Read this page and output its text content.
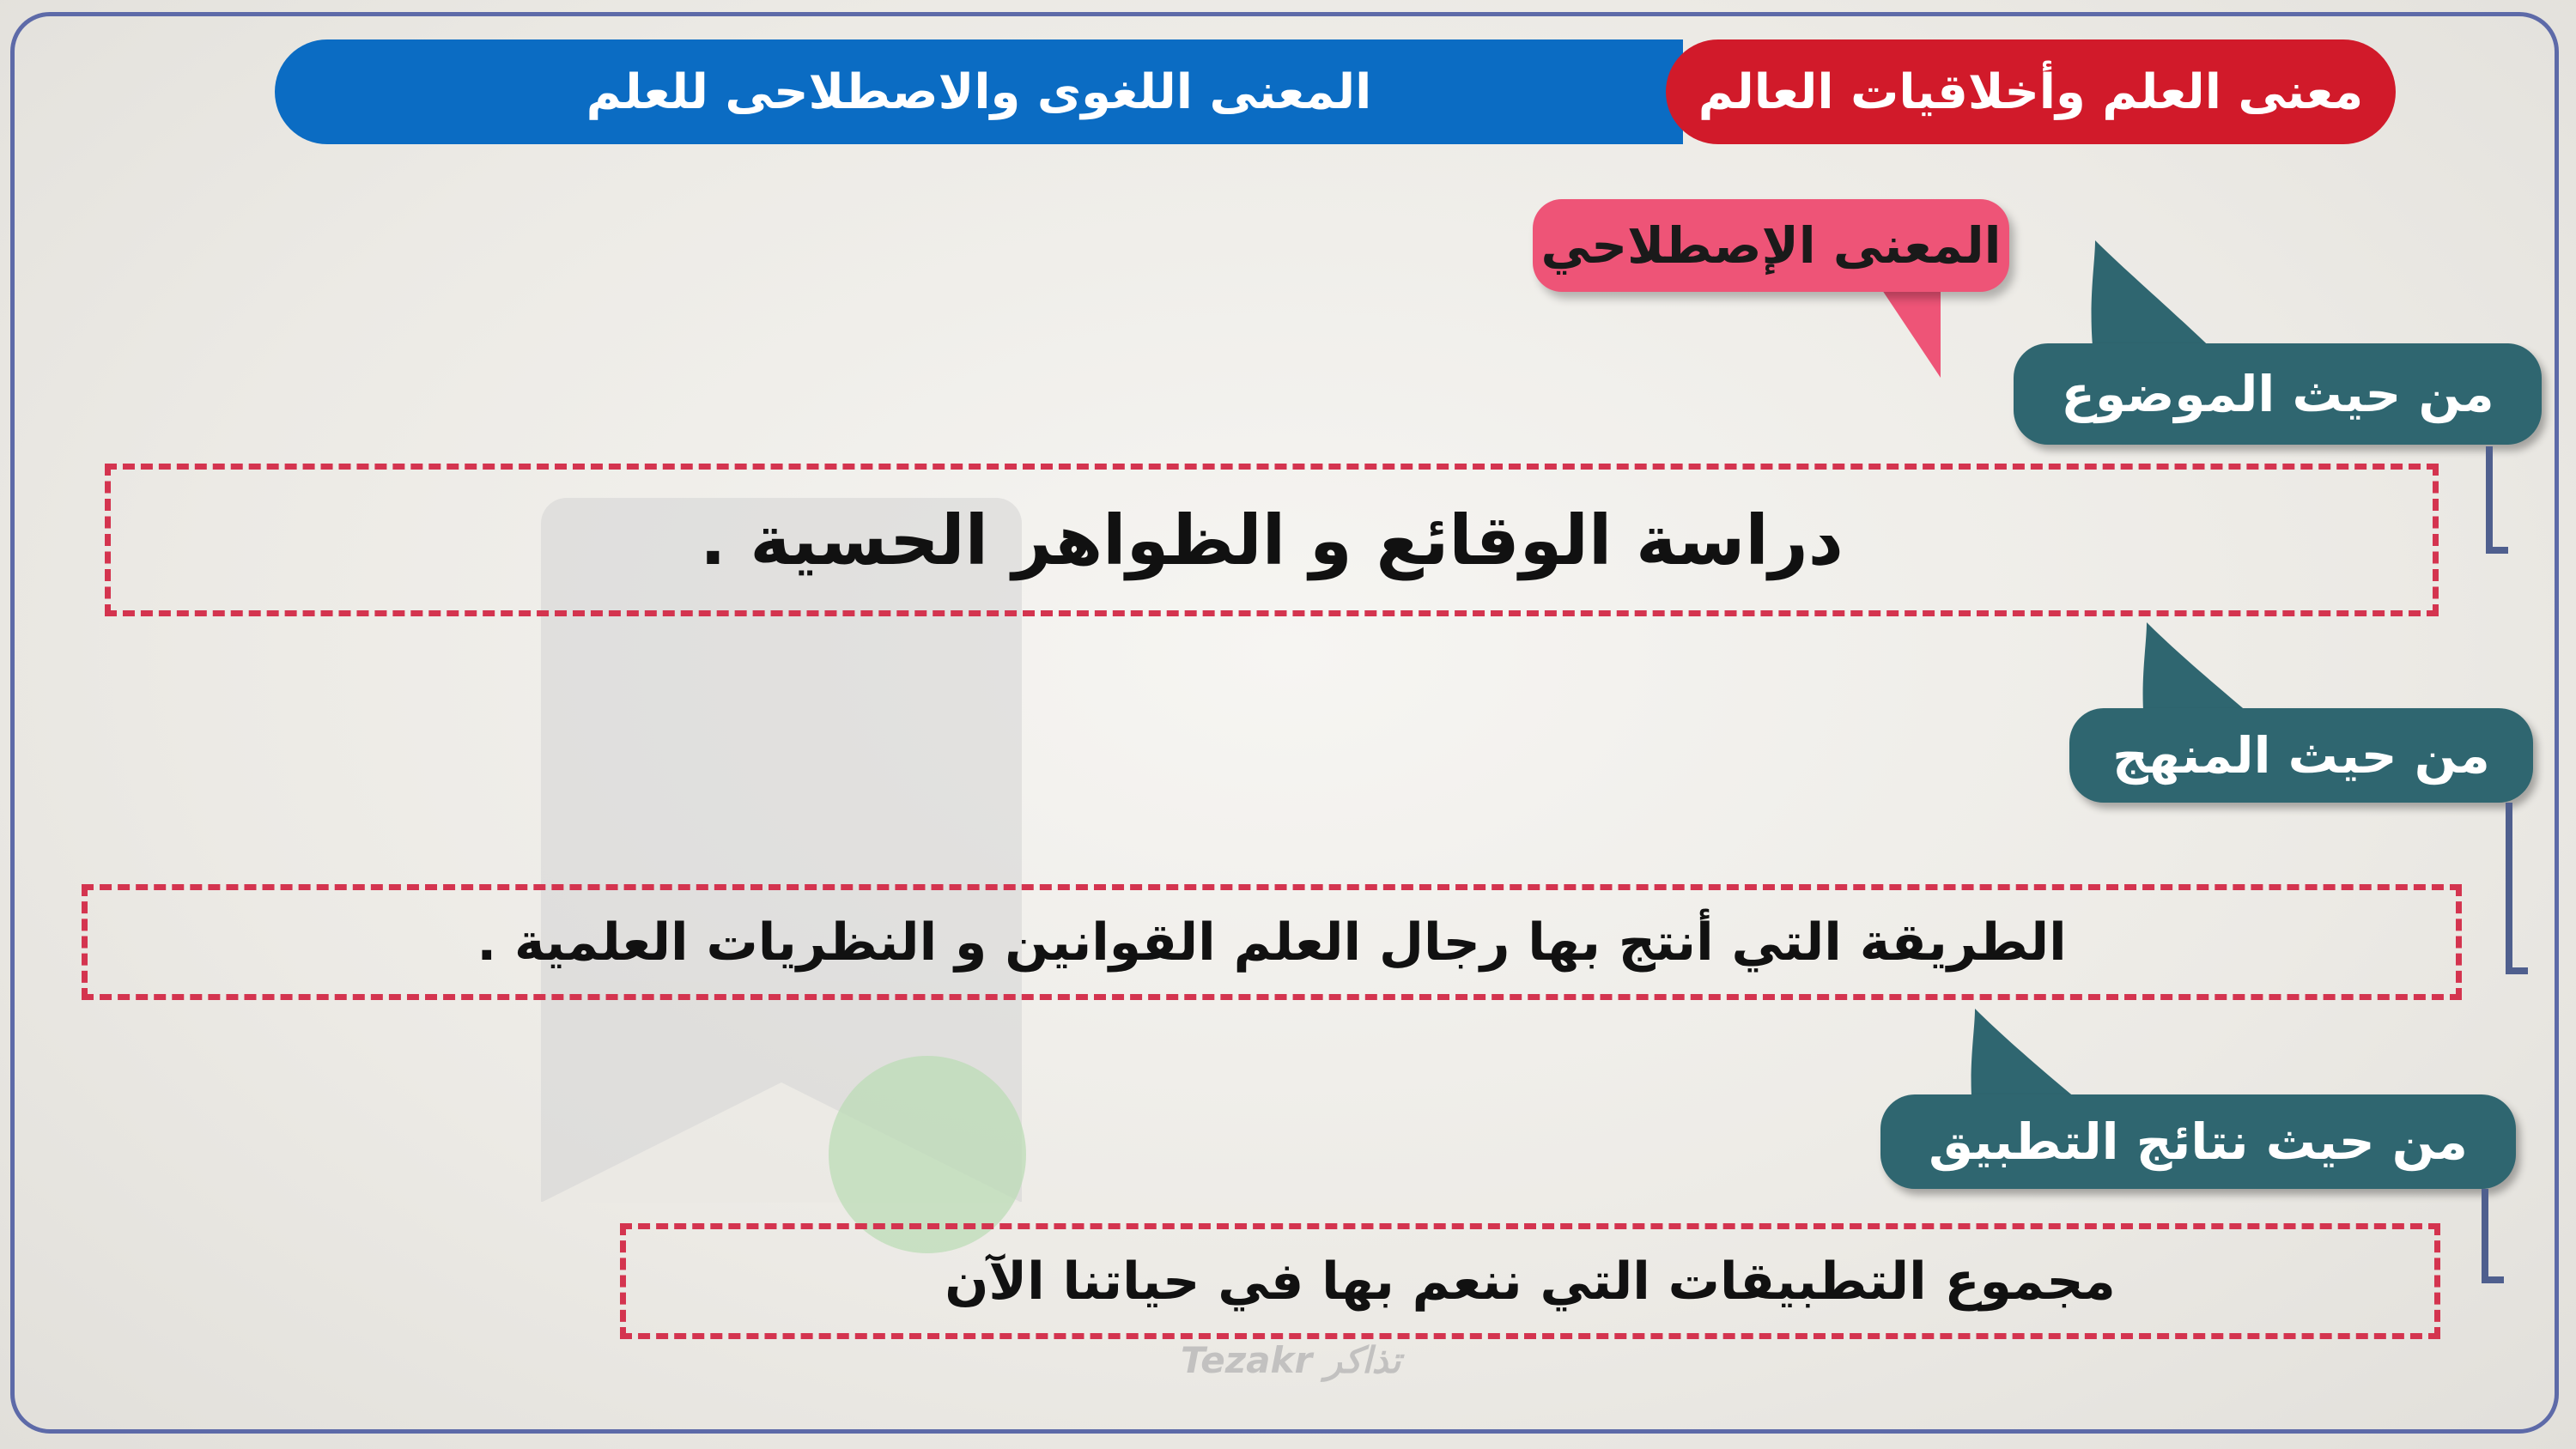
المعنى اللغوى والاصطلاحى للعلم	معنى العلم وأخلاقيات العالم
المعنى الإصطلاحي
من حيث الموضوع
دراسة الوقائع و الظواهر الحسية .
من حيث المنهج
الطريقة التي أنتج بها رجال العلم القوانين و النظريات العلمية .
من حيث نتائج التطبيق
مجموع التطبيقات التي ننعم بها في حياتنا الآن
Tezakr تذاكر
